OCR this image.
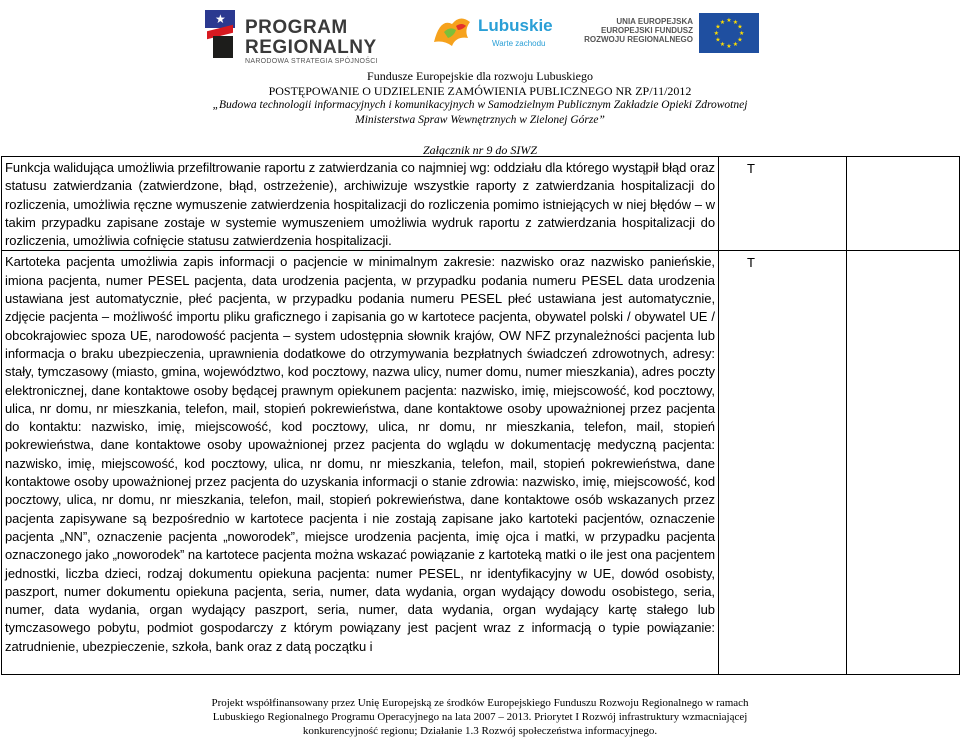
★ PROGRAM
REGIONALNY
NARODOWA STRATEGIA SPÓJNOŚCI
Lubuskie
Warte zachodu
UNIA EUROPEJSKA
EUROPEJSKI FUNDUSZ
ROZWOJU REGIONALNEGO
★ ★
★
★
★
★
★
★
★
★
★
★
Fundusze Europejskie dla rozwoju Lubuskiego
POSTĘPOWANIE O UDZIELENIE ZAMÓWIENIA PUBLICZNEGO NR ZP/11/2012
„Budowa technologii informacyjnych i komunikacyjnych w Samodzielnym Publicznym Zakładzie Opieki Zdrowotnej
Ministerstwa Spraw Wewnętrznych w Zielonej Górze”
Załącznik nr 9 do SIWZ
Funkcja walidująca umożliwia przefiltrowanie raportu z zatwierdzania co najmniej wg: oddziału dla którego wystąpił błąd oraz statusu zatwierdzania (zatwierdzone, błąd, ostrzeżenie), archiwizuje wszystkie raporty z zatwierdzania hospitalizacji do rozliczenia, umożliwia ręczne wymuszenie zatwierdzenia hospitalizacji do rozliczenia pomimo istniejących w niej błędów – w takim przypadku zapisane zostaje w systemie wymuszeniem umożliwia wydruk raportu z zatwierdzania hospitalizacji do rozliczenia, umożliwia cofnięcie statusu zatwierdzenia hospitalizacji.	T	

Kartoteka pacjenta umożliwia zapis informacji o pacjencie w minimalnym zakresie: nazwisko oraz nazwisko panieńskie, imiona pacjenta, numer PESEL pacjenta, data urodzenia pacjenta, w przypadku podania numeru PESEL data urodzenia ustawiana jest automatycznie, płeć pacjenta, w przypadku podania numeru PESEL płeć ustawiana jest automatycznie, zdjęcie pacjenta – możliwość importu pliku graficznego i zapisania go w kartotece pacjenta, obywatel polski / obywatel UE / obcokrajowiec spoza UE, narodowość pacjenta – system udostępnia słownik krajów, OW NFZ przynależności pacjenta lub informacja o braku ubezpieczenia, uprawnienia dodatkowe do otrzymywania bezpłatnych świadczeń zdrowotnych, adresy: stały, tymczasowy (miasto, gmina, województwo, kod pocztowy, nazwa ulicy, numer domu, numer mieszkania), adres poczty elektronicznej, dane kontaktowe osoby będącej prawnym opiekunem pacjenta: nazwisko, imię, miejscowość, kod pocztowy, ulica, nr domu, nr mieszkania, telefon, mail, stopień pokrewieństwa, dane kontaktowe osoby upoważnionej przez pacjenta do kontaktu: nazwisko, imię, miejscowość, kod pocztowy, ulica, nr domu, nr mieszkania, telefon, mail, stopień pokrewieństwa, dane kontaktowe osoby upoważnionej przez pacjenta do wglądu w dokumentację medyczną pacjenta: nazwisko, imię, miejscowość, kod pocztowy, ulica, nr domu, nr mieszkania, telefon, mail, stopień pokrewieństwa, dane kontaktowe osoby upoważnionej przez pacjenta do uzyskania informacji o stanie zdrowia: nazwisko, imię, miejscowość, kod pocztowy, ulica, nr domu, nr mieszkania, telefon, mail, stopień pokrewieństwa, dane kontaktowe osób wskazanych przez pacjenta zapisywane są bezpośrednio w kartotece pacjenta i nie zostają zapisane jako kartoteki pacjentów, oznaczenie pacjenta „NN”, oznaczenie pacjenta „noworodek”, miejsce urodzenia pacjenta, imię ojca i matki, w przypadku pacjenta oznaczonego jako „noworodek” na kartotece pacjenta można wskazać powiązanie z kartoteką matki o ile jest ona pacjentem jednostki, liczba dzieci, rodzaj dokumentu opiekuna pacjenta: numer PESEL, nr identyfikacyjny w UE, dowód osobisty, paszport, numer dokumentu opiekuna pacjenta, seria, numer, data wydania, organ wydający dowodu osobistego, seria, numer, data wydania, organ wydający paszport, seria, numer, data wydania, organ wydający kartę stałego lub tymczasowego pobytu, podmiot gospodarczy z którym powiązany jest pacjent wraz z informacją o typie powiązanie: zatrudnienie, ubezpieczenie, szkoła, bank oraz z datą początku i	T	

Projekt współfinansowany przez Unię Europejską ze środków Europejskiego Funduszu Rozwoju Regionalnego w ramach
Lubuskiego Regionalnego Programu Operacyjnego na lata 2007 – 2013. Priorytet I Rozwój infrastruktury wzmacniającej
konkurencyjność regionu; Działanie 1.3 Rozwój społeczeństwa informacyjnego.
